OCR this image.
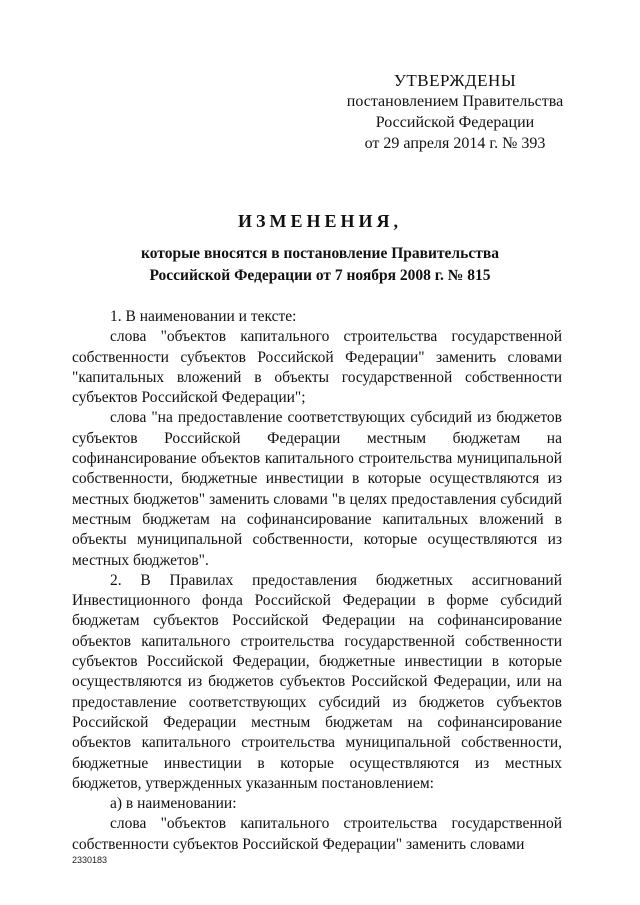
УТВЕРЖДЕНЫ
постановлением Правительства
Российской Федерации
от 29 апреля 2014 г. № 393
ИЗМЕНЕНИЯ,
которые вносятся в постановление Правительства
Российской Федерации от 7 ноября 2008 г. № 815

1. В наименовании и тексте:

слова "объектов капитального строительства государственной собственности субъектов Российской Федерации" заменить словами "капитальных вложений в объекты государственной собственности субъектов Российской Федерации";

слова "на предоставление соответствующих субсидий из бюджетов субъектов Российской Федерации местным бюджетам на софинансирование объектов капитального строительства муниципальной собственности, бюджетные инвестиции в которые осуществляются из местных бюджетов" заменить словами "в целях предоставления субсидий местным бюджетам на софинансирование капитальных вложений в объекты муниципальной собственности, которые осуществляются из местных бюджетов".

2. В Правилах предоставления бюджетных ассигнований Инвестиционного фонда Российской Федерации в форме субсидий бюджетам субъектов Российской Федерации на софинансирование объектов капитального строительства государственной собственности субъектов Российской Федерации, бюджетные инвестиции в которые осуществляются из бюджетов субъектов Российской Федерации, или на предоставление соответствующих субсидий из бюджетов субъектов Российской Федерации местным бюджетам на софинансирование объектов капитального строительства муниципальной собственности, бюджетные инвестиции в которые осуществляются из местных бюджетов, утвержденных указанным постановлением:

а) в наименовании:

слова "объектов капитального строительства государственной собственности субъектов Российской Федерации" заменить словами

2330183
